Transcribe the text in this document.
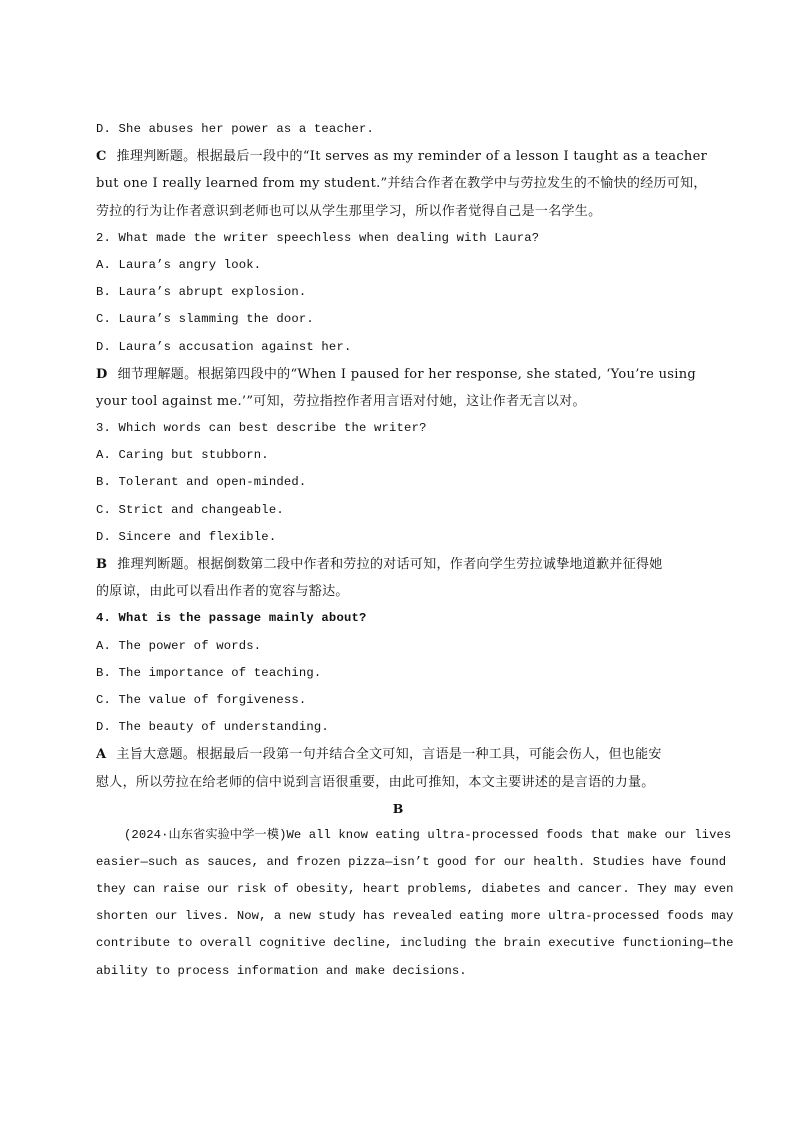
D. She abuses her power as a teacher.
C 推理判断题。根据最后一段中的“It serves as my reminder of a lesson I taught as a teacher
but one I really learned from my student.”并结合作者在教学中与劳拉发生的不愉快的经历可知，
劳拉的行为让作者意识到老师也可以从学生那里学习，所以作者觉得自己是一名学生。
2. What made the writer speechless when dealing with Laura?
A. Laura’s angry look.
B. Laura’s abrupt explosion.
C. Laura’s slamming the door.
D. Laura’s accusation against her.
D 细节理解题。根据第四段中的“When I paused for her response, she stated, ‘You’re using
your tool against me.’”可知，劳拉指控作者用言语对付她，这让作者无言以对。
3. Which words can best describe the writer?
A. Caring but stubborn.
B. Tolerant and open-minded.
C. Strict and changeable.
D. Sincere and flexible.
B 推理判断题。根据倒数第二段中作者和劳拉的对话可知，作者向学生劳拉诚挚地道歉并征得她
的原谅，由此可以看出作者的宽容与豁达。
4. What is the passage mainly about?
A. The power of words.
B. The importance of teaching.
C. The value of forgiveness.
D. The beauty of understanding.
A 主旨大意题。根据最后一段第一句并结合全文可知，言语是一种工具，可能会伤人，但也能安
慰人，所以劳拉在给老师的信中说到言语很重要，由此可推知，本文主要讲述的是言语的力量。
B
(2024·山东省实验中学一模)We all know eating ultra-processed foods that make our lives
easier—such as sauces, and frozen pizza—isn’t good for our health. Studies have found
they can raise our risk of obesity, heart problems, diabetes and cancer. They may even
shorten our lives. Now, a new study has revealed eating more ultra-processed foods may
contribute to overall cognitive decline, including the brain executive functioning—the
ability to process information and make decisions.
